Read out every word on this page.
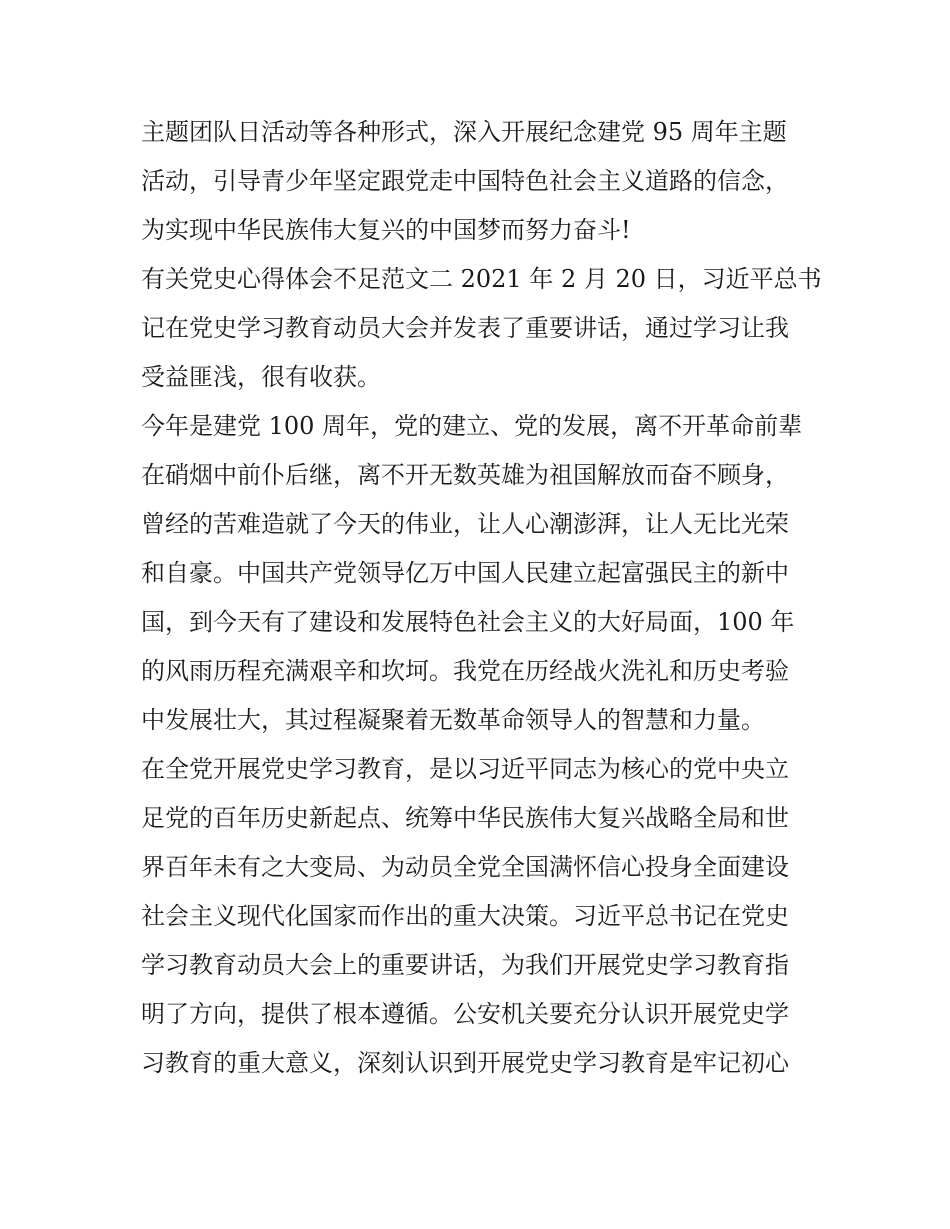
主题团队日活动等各种形式，深入开展纪念建党 95 周年主题
活动，引导青少年坚定跟党走中国特色社会主义道路的信念，
为实现中华民族伟大复兴的中国梦而努力奋斗!
有关党史心得体会不足范文二 2021 年 2 月 20 日，习近平总书
记在党史学习教育动员大会并发表了重要讲话，通过学习让我
受益匪浅，很有收获。
今年是建党 100 周年，党的建立、党的发展，离不开革命前辈
在硝烟中前仆后继，离不开无数英雄为祖国解放而奋不顾身，
曾经的苦难造就了今天的伟业，让人心潮澎湃，让人无比光荣
和自豪。中国共产党领导亿万中国人民建立起富强民主的新中
国，到今天有了建设和发展特色社会主义的大好局面，100 年
的风雨历程充满艰辛和坎坷。我党在历经战火洗礼和历史考验
中发展壮大，其过程凝聚着无数革命领导人的智慧和力量。
在全党开展党史学习教育，是以习近平同志为核心的党中央立
足党的百年历史新起点、统筹中华民族伟大复兴战略全局和世
界百年未有之大变局、为动员全党全国满怀信心投身全面建设
社会主义现代化国家而作出的重大决策。习近平总书记在党史
学习教育动员大会上的重要讲话，为我们开展党史学习教育指
明了方向，提供了根本遵循。公安机关要充分认识开展党史学
习教育的重大意义，深刻认识到开展党史学习教育是牢记初心
